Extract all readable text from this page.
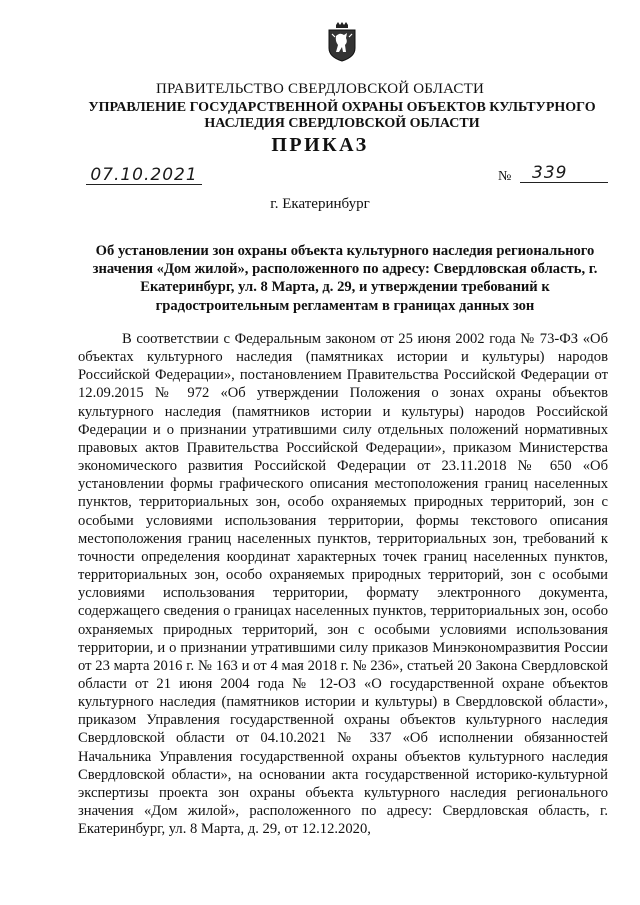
ПРАВИТЕЛЬСТВО СВЕРДЛОВСКОЙ ОБЛАСТИ
УПРАВЛЕНИЕ ГОСУДАРСТВЕННОЙ ОХРАНЫ ОБЪЕКТОВ КУЛЬТУРНОГО НАСЛЕДИЯ СВЕРДЛОВСКОЙ ОБЛАСТИ
ПРИКАЗ
07.10.2021	№	339
г. Екатеринбург
Об установлении зон охраны объекта культурного наследия регионального значения «Дом жилой», расположенного по адресу: Свердловская область, г. Екатеринбург, ул. 8 Марта, д. 29, и утверждении требований к градостроительным регламентам в границах данных зон

В соответствии с Федеральным законом от 25 июня 2002 года № 73-ФЗ «Об объектах культурного наследия (памятниках истории и культуры) народов Российской Федерации», постановлением Правительства Российской Федерации от 12.09.2015 № 972 «Об утверждении Положения о зонах охраны объектов культурного наследия (памятников истории и культуры) народов Российской Федерации и о признании утратившими силу отдельных положений нормативных правовых актов Правительства Российской Федерации», приказом Министерства экономического развития Российской Федерации от 23.11.2018 № 650 «Об установлении формы графического описания местоположения границ населенных пунктов, территориальных зон, особо охраняемых природных территорий, зон с особыми условиями использования территории, формы текстового описания местоположения границ населенных пунктов, территориальных зон, требований к точности определения координат характерных точек границ населенных пунктов, территориальных зон, особо охраняемых природных территорий, зон с особыми условиями использования территории, формату электронного документа, содержащего сведения о границах населенных пунктов, территориальных зон, особо охраняемых природных территорий, зон с особыми условиями использования территории, и о признании утратившими силу приказов Минэкономразвития России от 23 марта 2016 г. № 163 и от 4 мая 2018 г. № 236», статьей 20 Закона Свердловской области от 21 июня 2004 года № 12-ОЗ «О государственной охране объектов культурного наследия (памятников истории и культуры) в Свердловской области», приказом Управления государственной охраны объектов культурного наследия Свердловской области от 04.10.2021 № 337 «Об исполнении обязанностей Начальника Управления государственной охраны объектов культурного наследия Свердловской области», на основании акта государственной историко-культурной экспертизы проекта зон охраны объекта культурного наследия регионального значения «Дом жилой», расположенного по адресу: Свердловская область, г. Екатеринбург, ул. 8 Марта, д. 29, от 12.12.2020,
